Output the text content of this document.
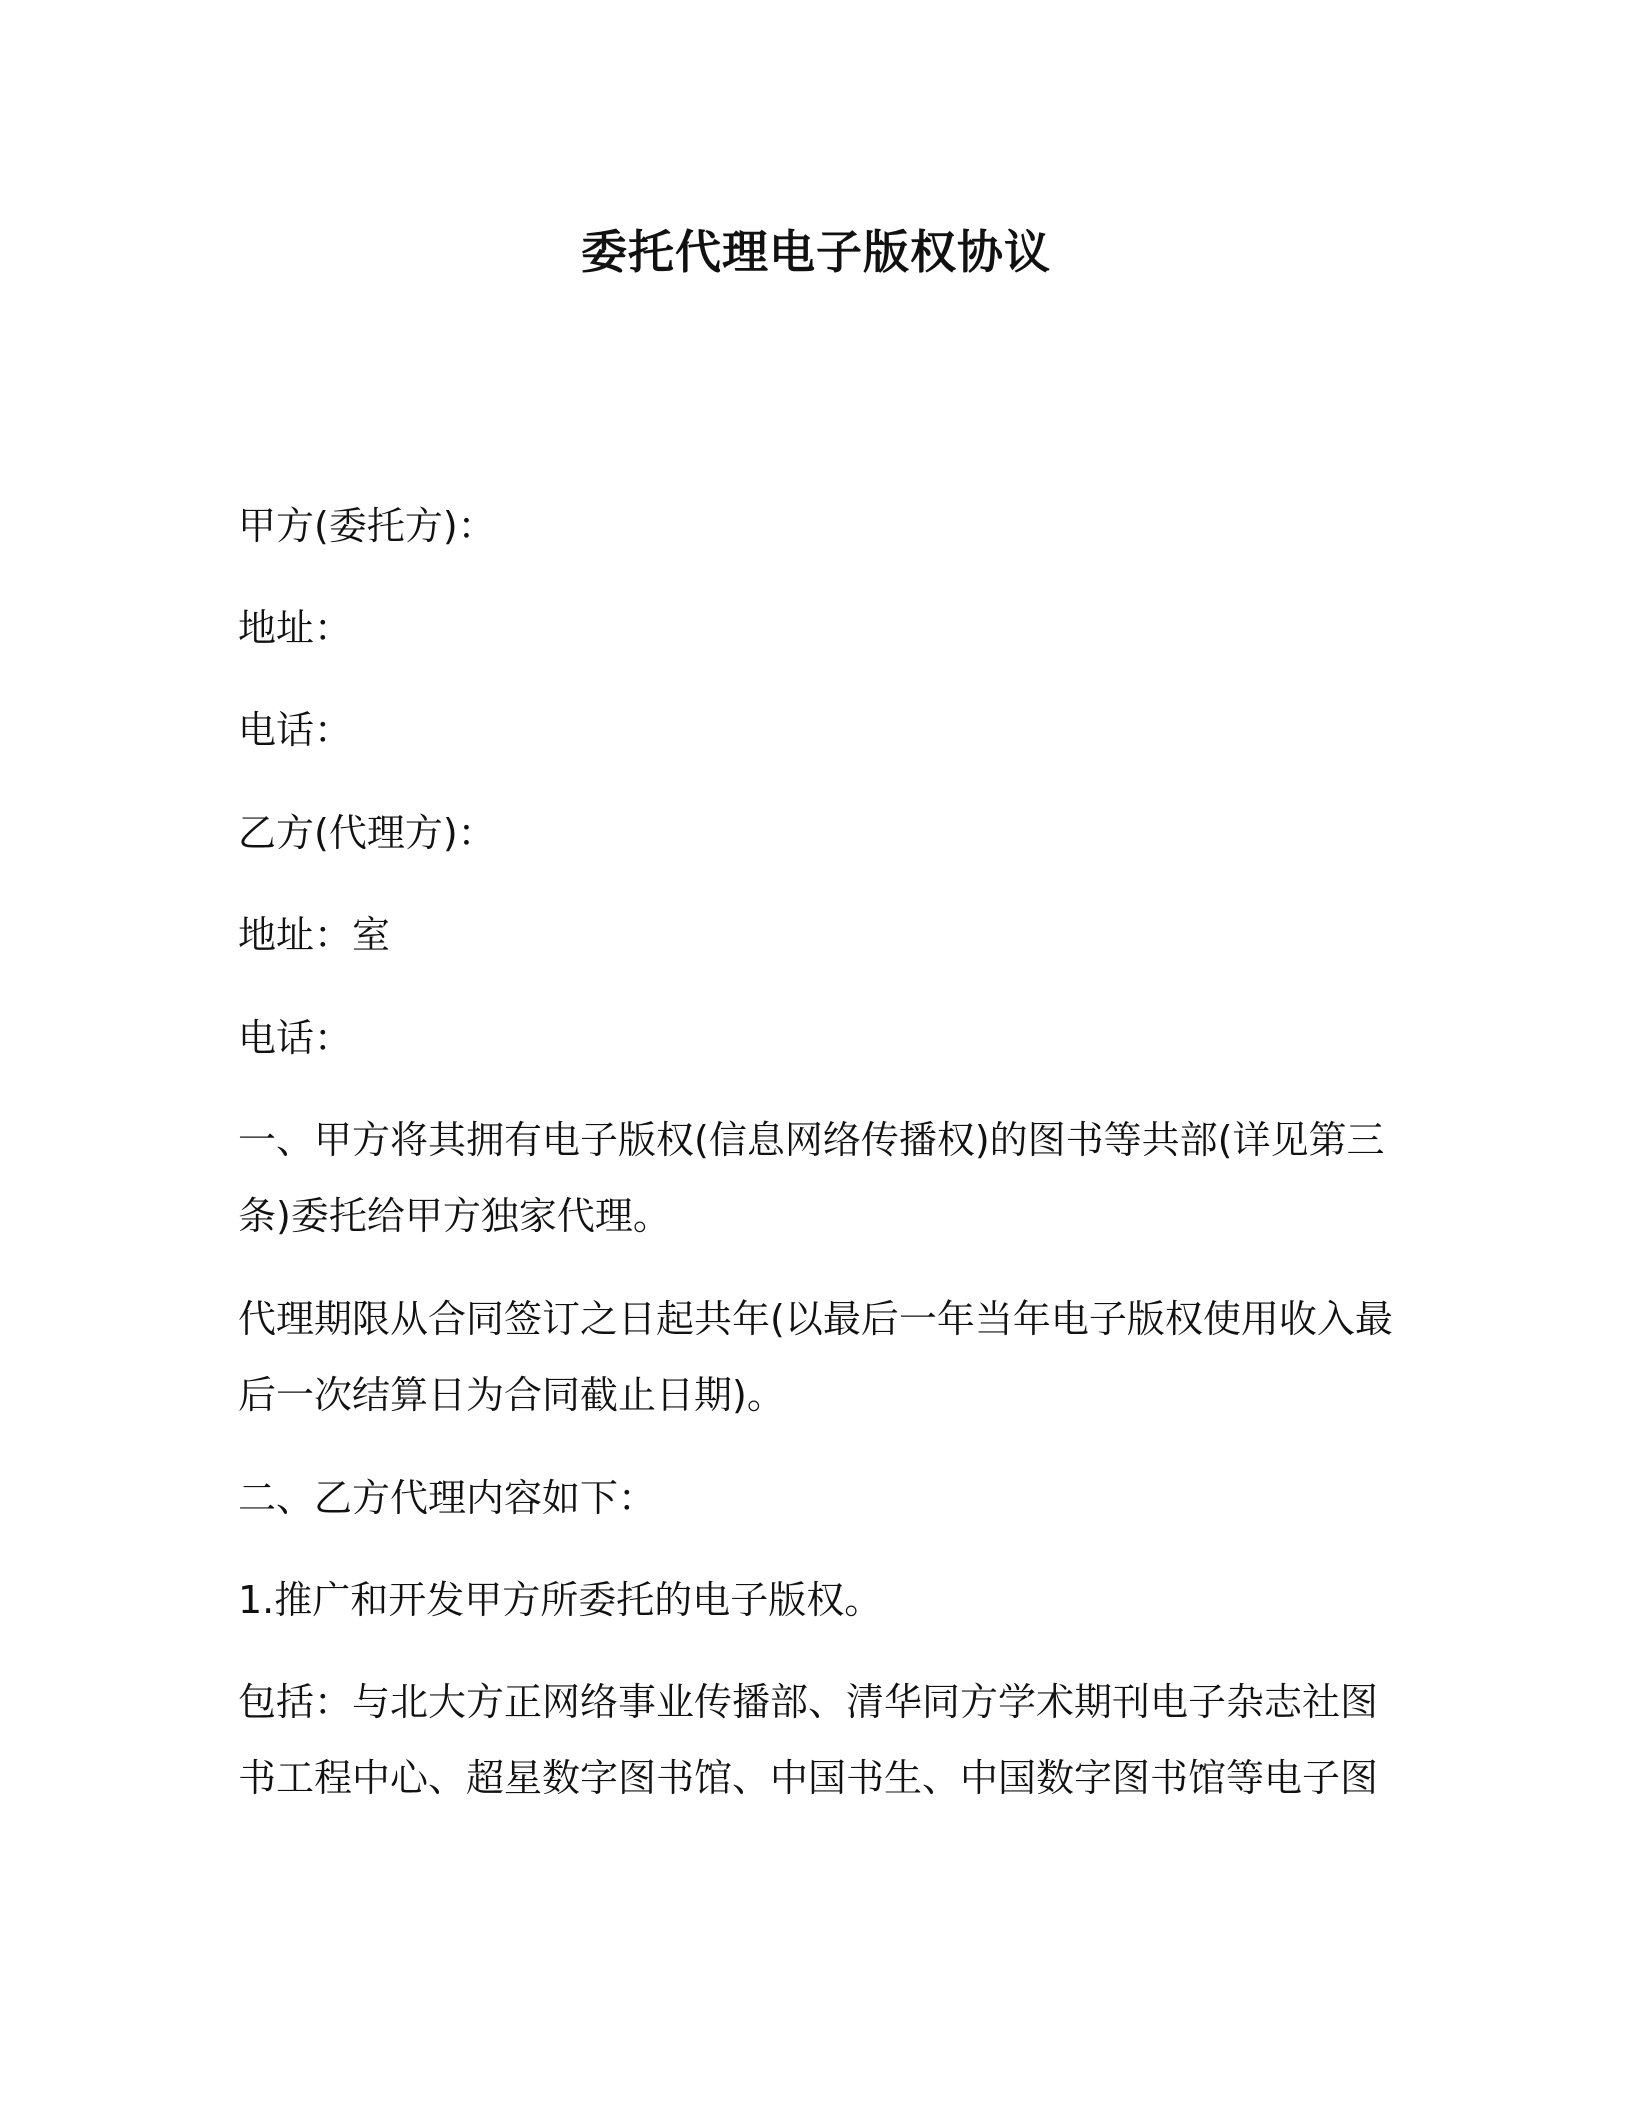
委托代理电子版权协议
甲方(委托方)：
地址：
电话：
乙方(代理方)：
地址：室
电话：
一、甲方将其拥有电子版权(信息网络传播权)的图书等共部(详见第三
条)委托给甲方独家代理。
代理期限从合同签订之日起共年(以最后一年当年电子版权使用收入最
后一次结算日为合同截止日期)。
二、乙方代理内容如下：
1.推广和开发甲方所委托的电子版权。
包括：与北大方正网络事业传播部、清华同方学术期刊电子杂志社图
书工程中心、超星数字图书馆、中国书生、中国数字图书馆等电子图
